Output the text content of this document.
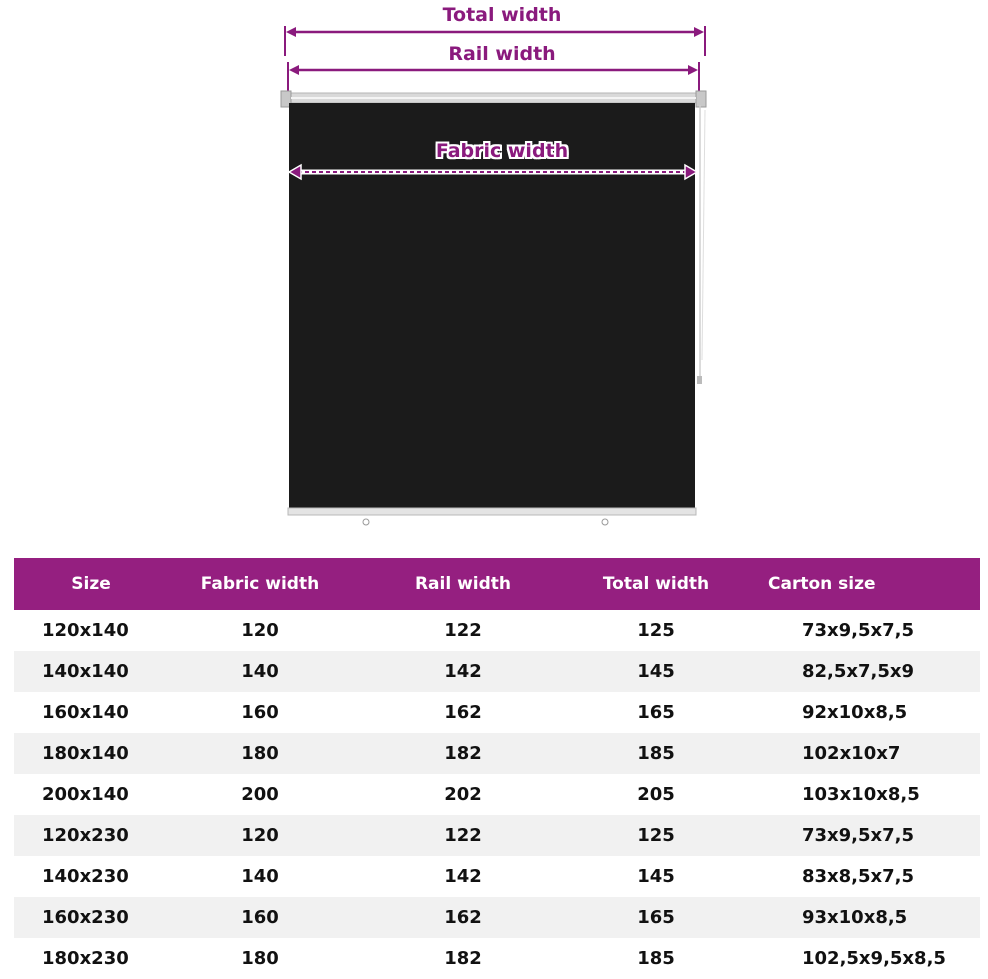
Total width
Rail width
Fabric width
Size	Fabric width	Rail width	Total width	Carton size
120x140	120	122	125	73x9,5x7,5
140x140	140	142	145	82,5x7,5x9
160x140	160	162	165	92x10x8,5
180x140	180	182	185	102x10x7
200x140	200	202	205	103x10x8,5
120x230	120	122	125	73x9,5x7,5
140x230	140	142	145	83x8,5x7,5
160x230	160	162	165	93x10x8,5
180x230	180	182	185	102,5x9,5x8,5
